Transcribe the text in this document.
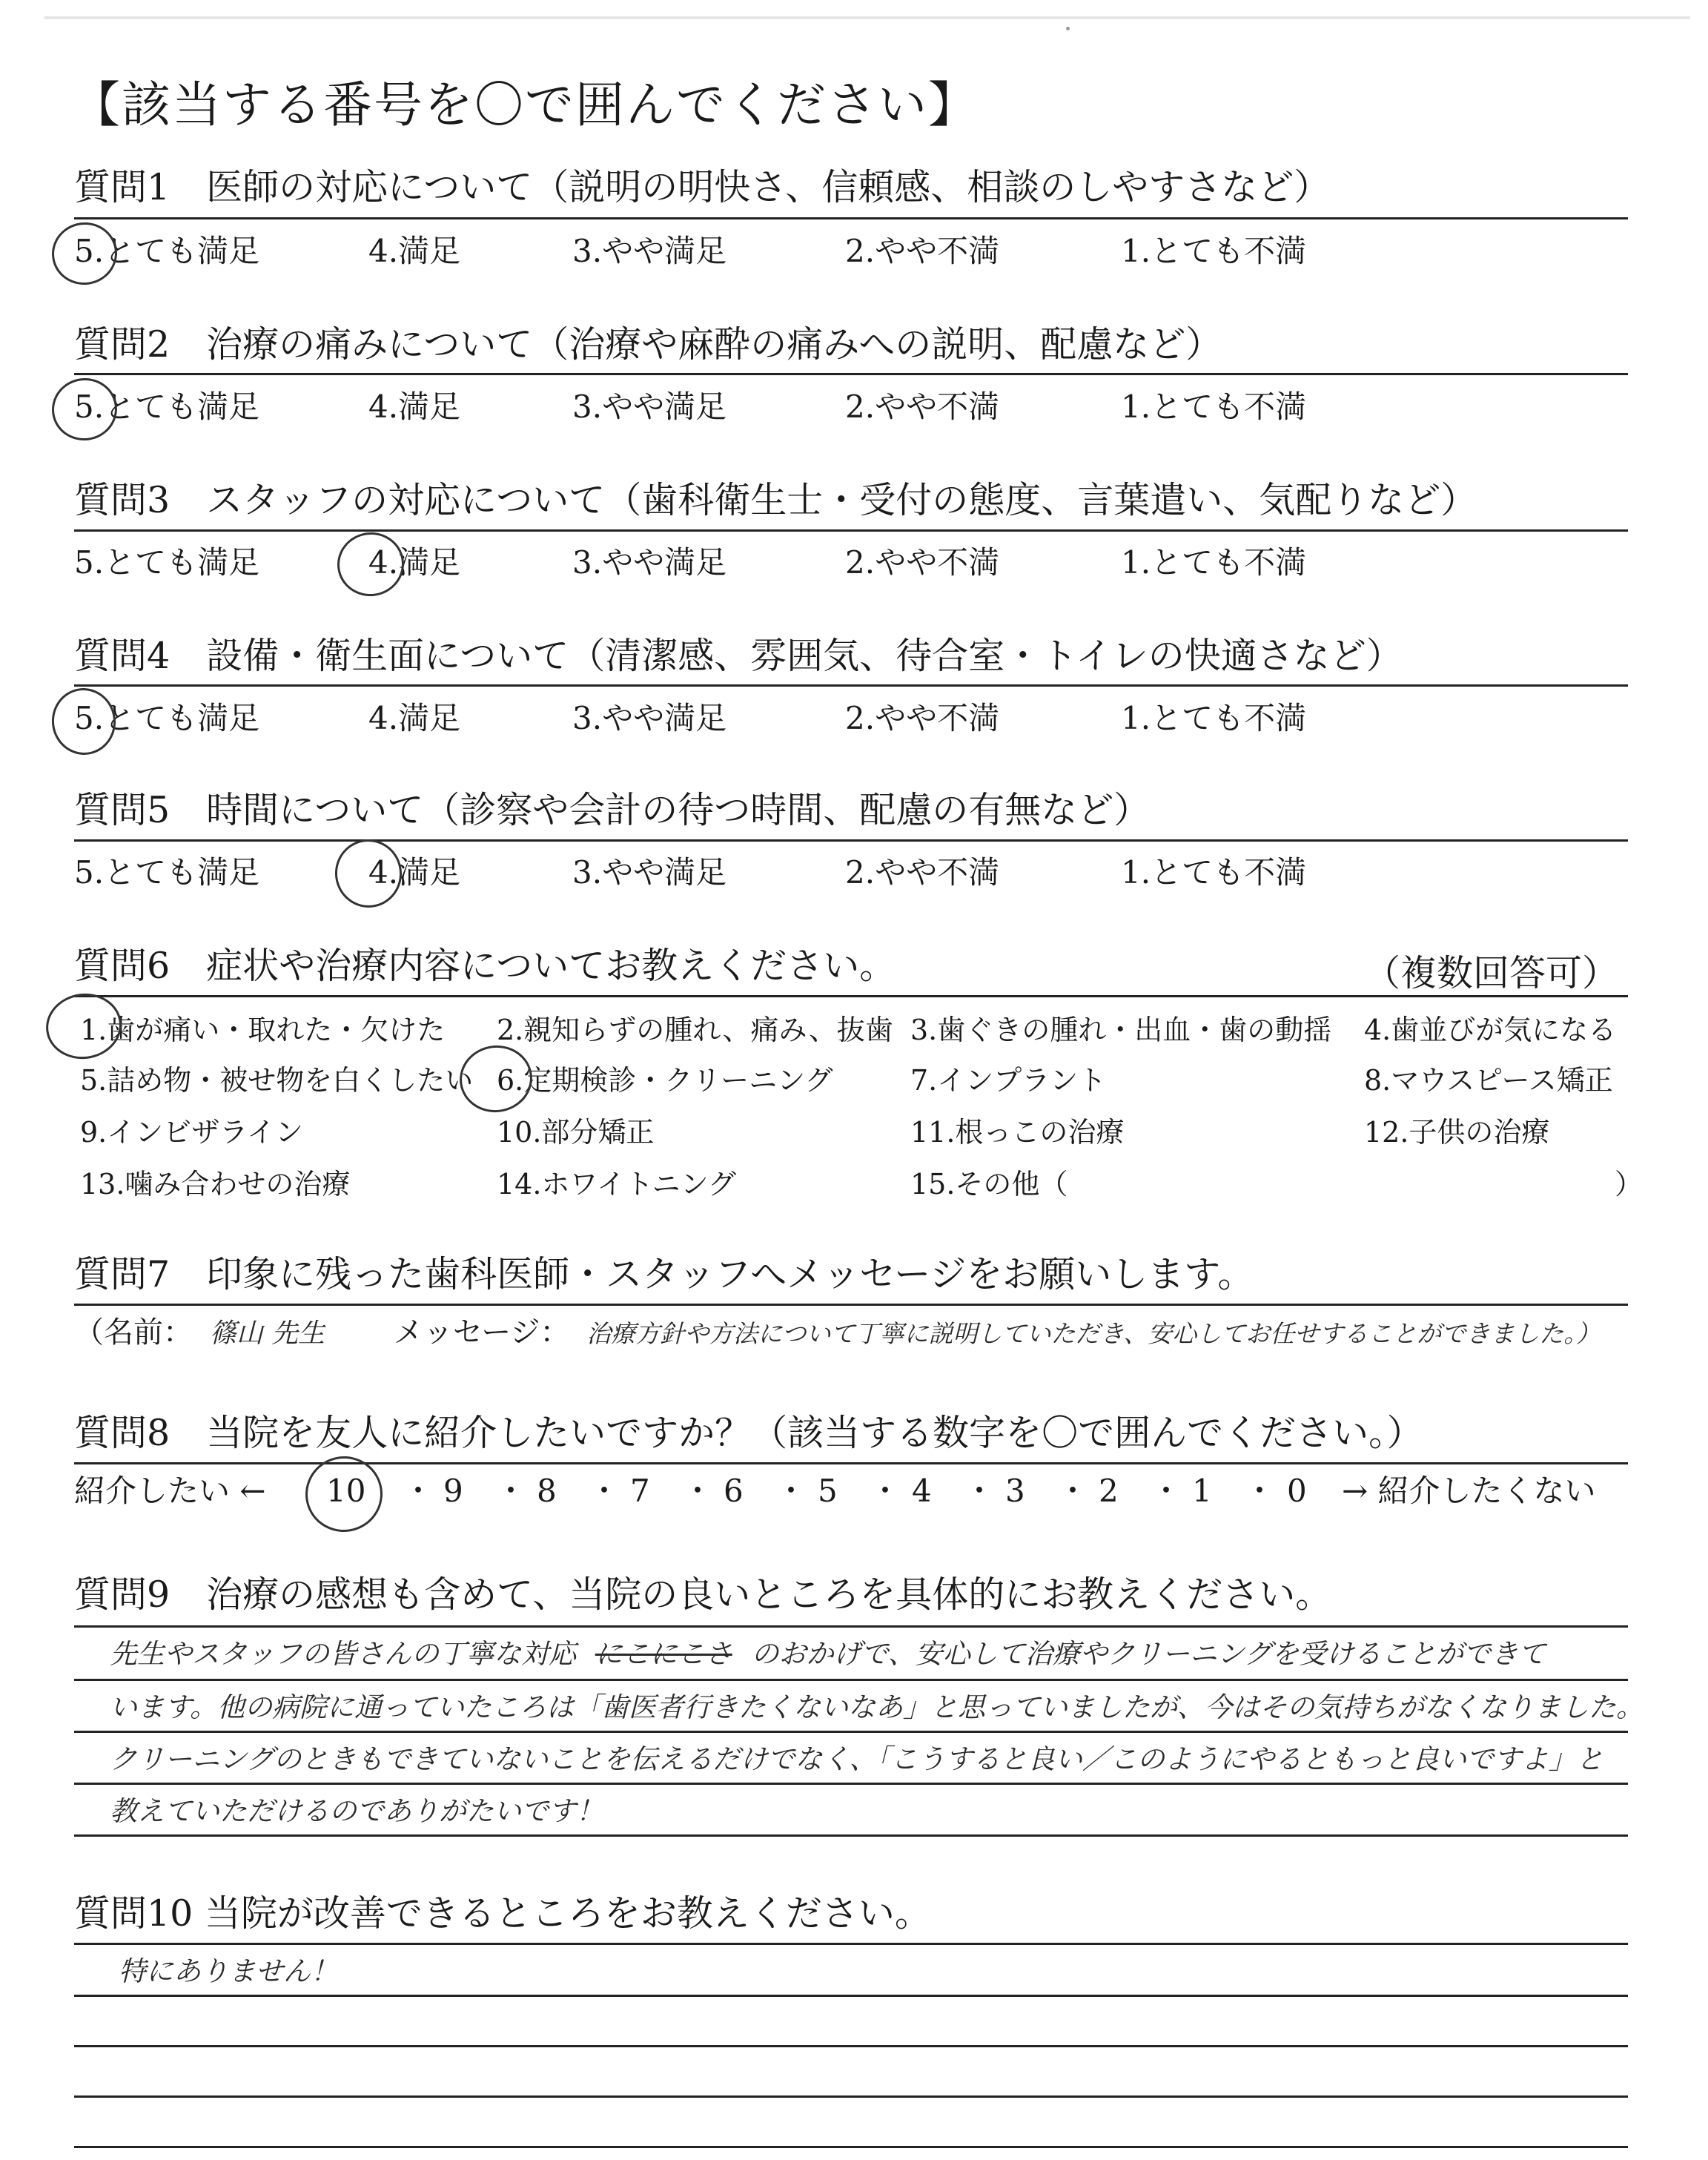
【該当する番号を〇で囲んでください】
質問1　医師の対応について（説明の明快さ、信頼感、相談のしやすさなど）
5.とても満足	4.満足	3.やや満足	2.やや不満	1.とても不満
質問2　治療の痛みについて（治療や麻酔の痛みへの説明、配慮など）
5.とても満足	4.満足	3.やや満足	2.やや不満	1.とても不満
質問3　スタッフの対応について（歯科衛生士・受付の態度、言葉遣い、気配りなど）
5.とても満足	4.満足	3.やや満足	2.やや不満	1.とても不満
質問4　設備・衛生面について（清潔感、雰囲気、待合室・トイレの快適さなど）
5.とても満足	4.満足	3.やや満足	2.やや不満	1.とても不満
質問5　時間について（診察や会計の待つ時間、配慮の有無など）
5.とても満足	4.満足	3.やや満足	2.やや不満	1.とても不満
質問6　症状や治療内容についてお教えください。	（複数回答可）
1.歯が痛い・取れた・欠けた 2.親知らずの腫れ、痛み、抜歯 3.歯ぐきの腫れ・出血・歯の動揺 4.歯並びが気になる
5.詰め物・被せ物を白くしたい 6.定期検診・クリーニング	7.インプラント	8.マウスピース矯正
9.インビザライン	10.部分矯正	11.根っこの治療	12.子供の治療
13.噛み合わせの治療	14.ホワイトニング	15.その他（	）
質問7　印象に残った歯科医師・スタッフへメッセージをお願いします。
（名前： 篠山 先生 メッセージ： 治療方針や方法について丁寧に説明していただき、安心してお任せすることができました。）
質問8　当院を友人に紹介したいですか？（該当する数字を〇で囲んでください。）
紹介したい ← 10 ・ 9 ・ 8 ・ 7 ・ 6 ・ 5 ・ 4 ・ 3 ・ 2 ・ 1 ・ 0 → 紹介したくない
質問9　治療の感想も含めて、当院の良いところを具体的にお教えください。
先生やスタッフの皆さんの丁寧な対応 にこにこさ のおかげで、安心して治療やクリーニングを受けることができて
います。他の病院に通っていたころは「歯医者行きたくないなあ」と思っていましたが、今はその気持ちがなくなりました。
クリーニングのときもできていないことを伝えるだけでなく、「こうすると良い／このようにやるともっと良いですよ」と
教えていただけるのでありがたいです！
質問10 当院が改善できるところをお教えください。
特にありません！
